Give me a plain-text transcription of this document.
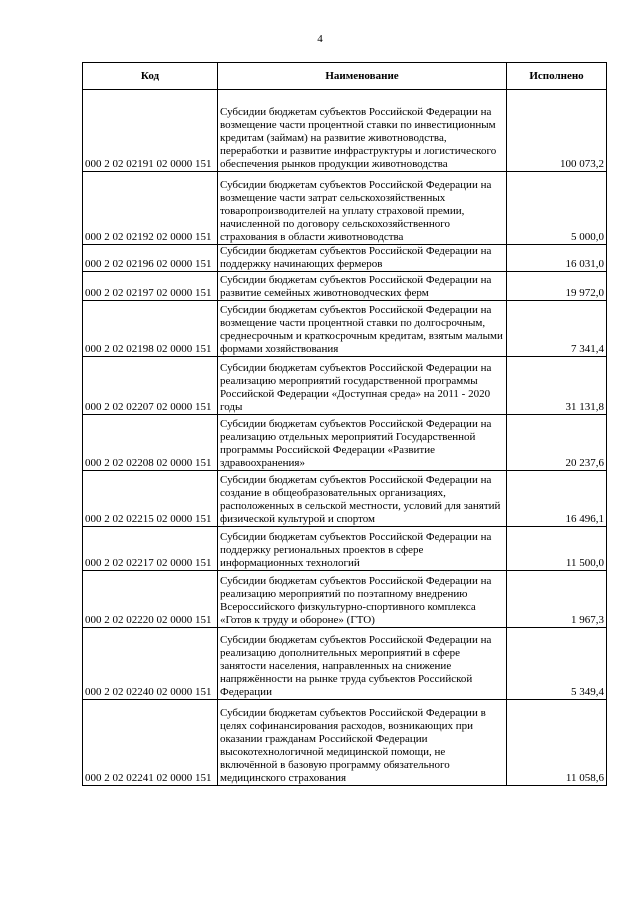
4
Код	Наименование	Исполнено
000 2 02 02191 02 0000 151	Субсидии бюджетам субъектов Российской Федерации на возмещение части процентной ставки по инвестиционным кредитам (займам) на развитие животноводства, переработки и развитие инфраструктуры и логистического обеспечения рынков продукции животноводства	100 073,2
000 2 02 02192 02 0000 151	Субсидии бюджетам субъектов Российской Федерации на возмещение части затрат сельскохозяйственных товаропроизводителей на уплату страховой премии, начисленной по договору сельскохозяйственного страхования в области животноводства	5 000,0
000 2 02 02196 02 0000 151	Субсидии бюджетам субъектов Российской Федерации на поддержку начинающих фермеров	16 031,0
000 2 02 02197 02 0000 151	Субсидии бюджетам субъектов Российской Федерации на развитие семейных животноводческих ферм	19 972,0
000 2 02 02198 02 0000 151	Субсидии бюджетам субъектов Российской Федерации на возмещение части процентной ставки по долгосрочным, среднесрочным и краткосрочным кредитам, взятым малыми формами хозяйствования	7 341,4
000 2 02 02207 02 0000 151	Субсидии бюджетам субъектов Российской Федерации на реализацию мероприятий государственной программы Российской Федерации «Доступная среда» на 2011 - 2020 годы	31 131,8
000 2 02 02208 02 0000 151	Субсидии бюджетам субъектов Российской Федерации на реализацию отдельных мероприятий Государственной программы Российской Федерации «Развитие здравоохранения»	20 237,6
000 2 02 02215 02 0000 151	Субсидии бюджетам субъектов Российской Федерации на создание в общеобразовательных организациях, расположенных в сельской местности, условий для занятий физической культурой и спортом	16 496,1
000 2 02 02217 02 0000 151	Субсидии бюджетам субъектов Российской Федерации на поддержку региональных проектов в сфере информационных технологий	11 500,0
000 2 02 02220 02 0000 151	Субсидии бюджетам субъектов Российской Федерации на реализацию мероприятий по поэтапному внедрению Всероссийского физкультурно-спортивного комплекса «Готов к труду и обороне» (ГТО)	1 967,3
000 2 02 02240 02 0000 151	Субсидии бюджетам субъектов Российской Федерации на реализацию дополнительных мероприятий в сфере занятости населения, направленных на снижение напряжённости на рынке труда субъектов Российской Федерации	5 349,4
000 2 02 02241 02 0000 151	Субсидии бюджетам субъектов Российской Федерации в целях софинансирования расходов, возникающих при оказании гражданам Российской Федерации высокотехнологичной медицинской помощи, не включённой в базовую программу обязательного медицинского страхования	11 058,6
